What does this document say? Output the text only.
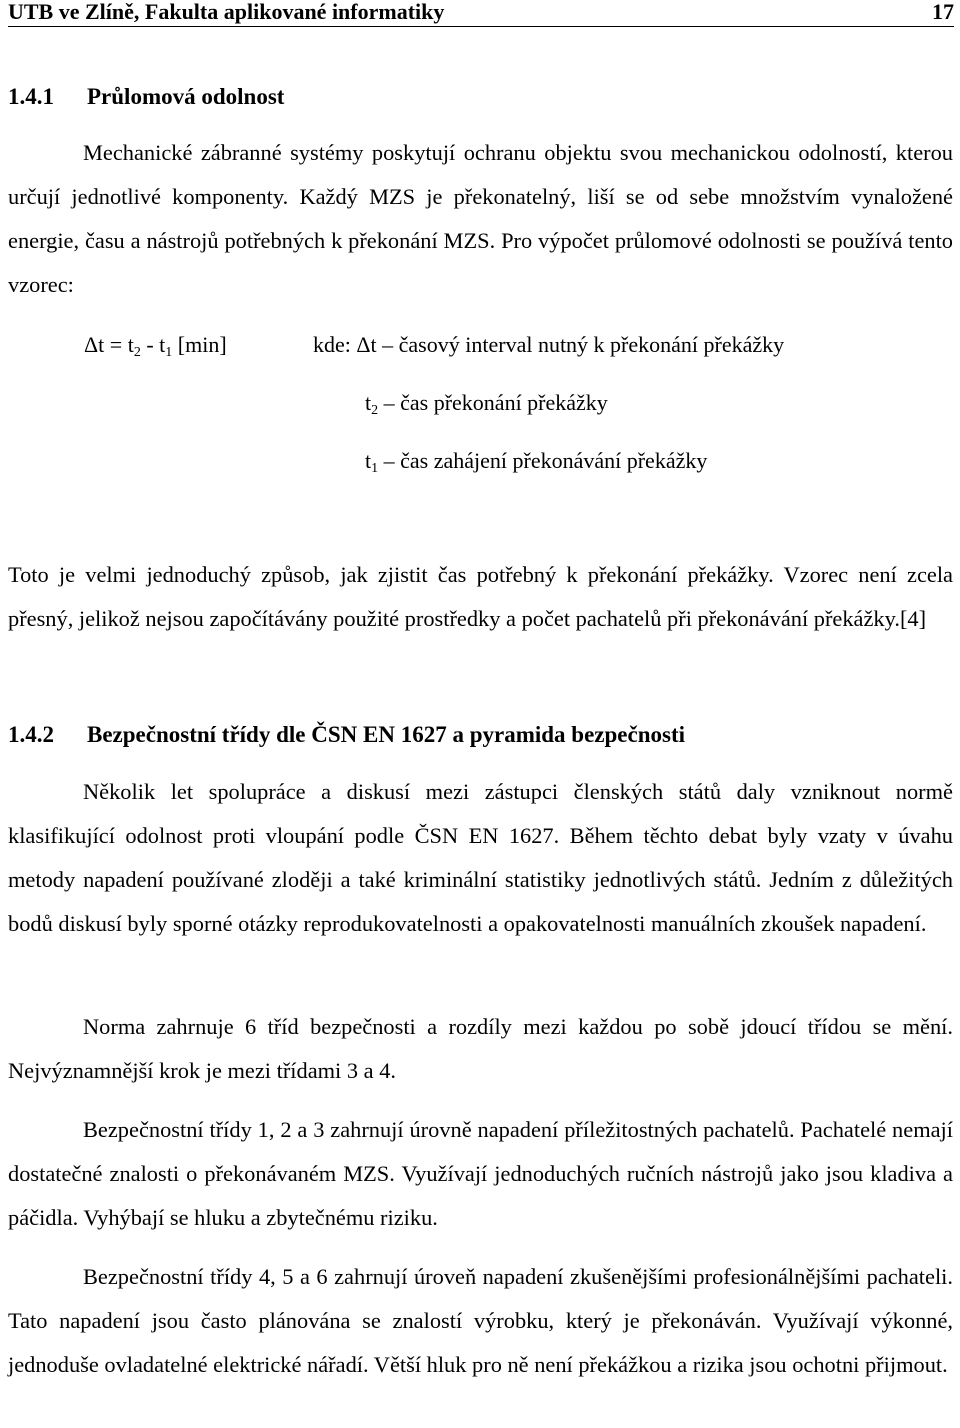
UTB ve Zlíně, Fakulta aplikované informatiky	17
1.4.1 Průlomová odolnost
Mechanické zábranné systémy poskytují ochranu objektu svou mechanickou odolností, kterou určují jednotlivé komponenty. Každý MZS je překonatelný, liší se od sebe množstvím vynaložené energie, času a nástrojů potřebných k překonání MZS. Pro výpočet průlomové odolnosti se používá tento vzorec:
$\Delta t = t_2 - t_1$ [min]	kde: Δt – časový interval nutný k překonání překážky
$t_2$ – čas překonání překážky
$t_1$ – čas zahájení překonávání překážky
Toto je velmi jednoduchý způsob, jak zjistit čas potřebný k překonání překážky. Vzorec není zcela přesný, jelikož nejsou započítávány použité prostředky a počet pachatelů při překonávání překážky.[4]
1.4.2 Bezpečnostní třídy dle ČSN EN 1627 a pyramida bezpečnosti
Několik let spolupráce a diskusí mezi zástupci členských států daly vzniknout normě klasifikující odolnost proti vloupání podle ČSN EN 1627. Během těchto debat byly vzaty v úvahu metody napadení používané zloději a také kriminální statistiky jednotlivých států. Jedním z důležitých bodů diskusí byly sporné otázky reprodukovatelnosti a opakovatelnosti manuálních zkoušek napadení.
Norma zahrnuje 6 tříd bezpečnosti a rozdíly mezi každou po sobě jdoucí třídou se mění. Nejvýznamnější krok je mezi třídami 3 a 4.
Bezpečnostní třídy 1, 2 a 3 zahrnují úrovně napadení příležitostných pachatelů. Pachatelé nemají dostatečné znalosti o překonávaném MZS. Využívají jednoduchých ručních nástrojů jako jsou kladiva a páčidla. Vyhýbají se hluku a zbytečnému riziku.
Bezpečnostní třídy 4, 5 a 6 zahrnují úroveň napadení zkušenějšími profesionálnějšími pachateli. Tato napadení jsou často plánována se znalostí výrobku, který je překonáván. Využívají výkonné, jednoduše ovladatelné elektrické nářadí. Větší hluk pro ně není překážkou a rizika jsou ochotni přijmout.
